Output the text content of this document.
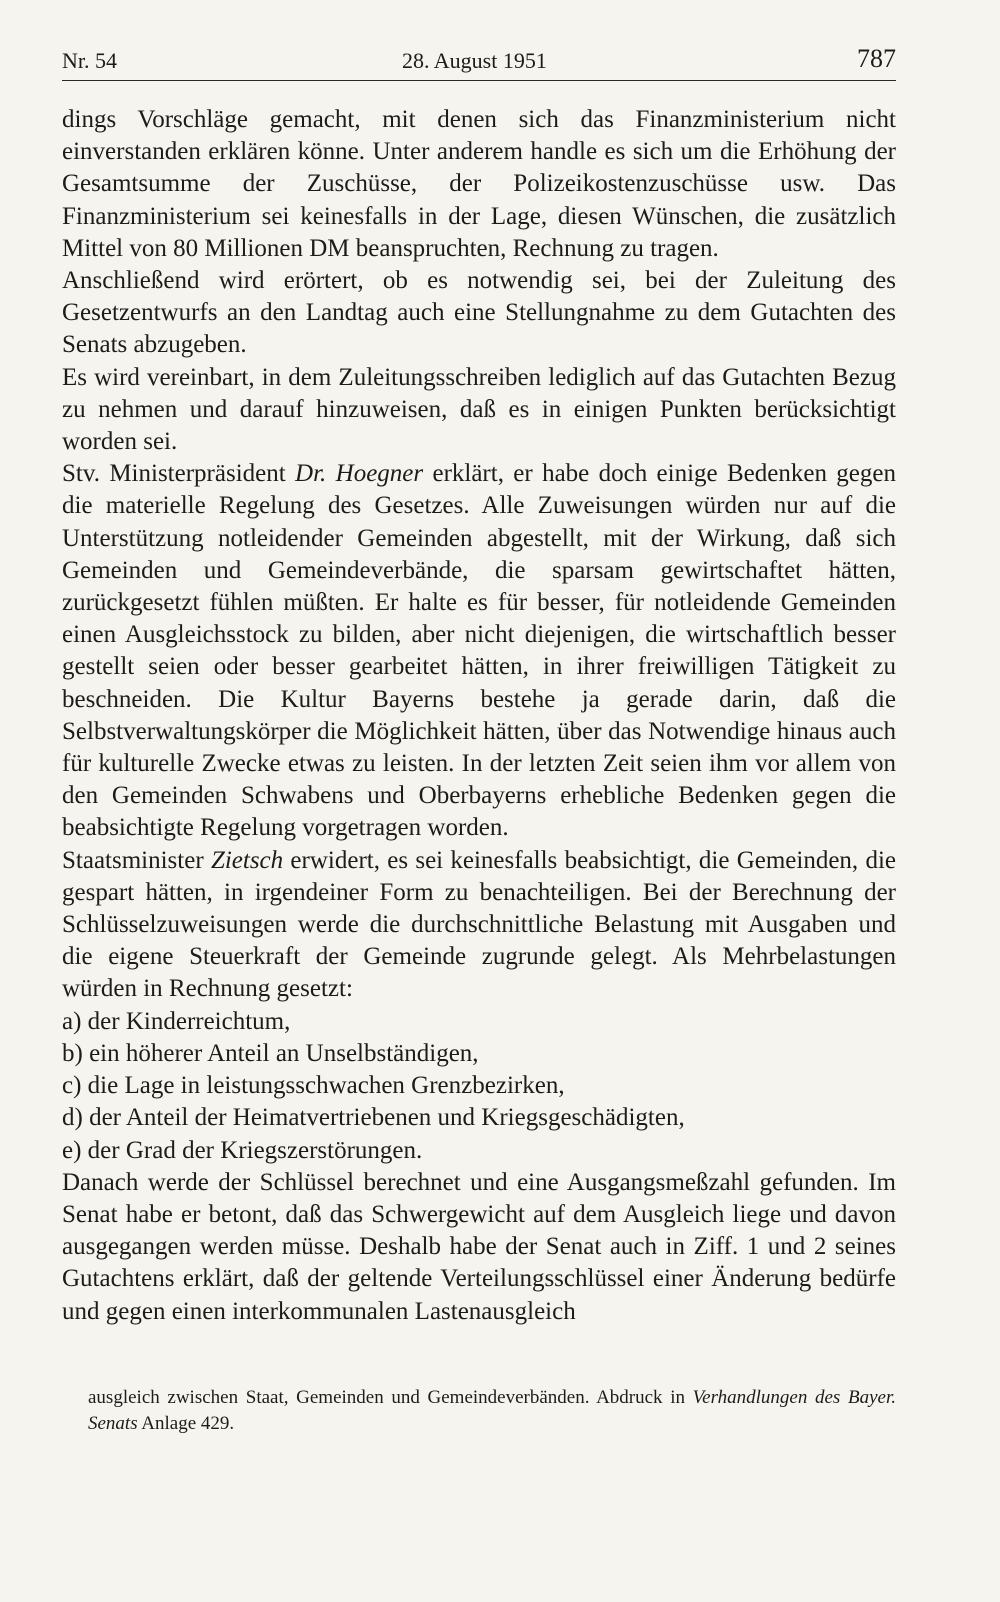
Nr. 54	28. August 1951	787

dings Vorschläge gemacht, mit denen sich das Finanzministerium nicht einverstanden erklären könne. Unter anderem handle es sich um die Erhöhung der Gesamtsumme der Zuschüsse, der Polizeikostenzuschüsse usw. Das Finanzministerium sei keinesfalls in der Lage, diesen Wünschen, die zusätzlich Mittel von 80 Millionen DM beanspruchten, Rechnung zu tragen.

Anschließend wird erörtert, ob es notwendig sei, bei der Zuleitung des Gesetzentwurfs an den Landtag auch eine Stellungnahme zu dem Gutachten des Senats abzugeben.

Es wird vereinbart, in dem Zuleitungsschreiben lediglich auf das Gutachten Bezug zu nehmen und darauf hinzuweisen, daß es in einigen Punkten berücksichtigt worden sei.

Stv. Ministerpräsident Dr. Hoegner erklärt, er habe doch einige Bedenken gegen die materielle Regelung des Gesetzes. Alle Zuweisungen würden nur auf die Unterstützung notleidender Gemeinden abgestellt, mit der Wirkung, daß sich Gemeinden und Gemeindeverbände, die sparsam gewirtschaftet hätten, zurückgesetzt fühlen müßten. Er halte es für besser, für notleidende Gemeinden einen Ausgleichsstock zu bilden, aber nicht diejenigen, die wirtschaftlich besser gestellt seien oder besser gearbeitet hätten, in ihrer freiwilligen Tätigkeit zu beschneiden. Die Kultur Bayerns bestehe ja gerade darin, daß die Selbstverwaltungskörper die Möglichkeit hätten, über das Notwendige hinaus auch für kulturelle Zwecke etwas zu leisten. In der letzten Zeit seien ihm vor allem von den Gemeinden Schwabens und Oberbayerns erhebliche Bedenken gegen die beabsichtigte Regelung vorgetragen worden.

Staatsminister Zietsch erwidert, es sei keinesfalls beabsichtigt, die Gemeinden, die gespart hätten, in irgendeiner Form zu benachteiligen. Bei der Berechnung der Schlüsselzuweisungen werde die durchschnittliche Belastung mit Ausgaben und die eigene Steuerkraft der Gemeinde zugrunde gelegt. Als Mehrbelastungen würden in Rechnung gesetzt:

a) der Kinderreichtum,
b) ein höherer Anteil an Unselbständigen,
c) die Lage in leistungsschwachen Grenzbezirken,
d) der Anteil der Heimatvertriebenen und Kriegsgeschädigten,
e) der Grad der Kriegszerstörungen.

Danach werde der Schlüssel berechnet und eine Ausgangsmeßzahl gefunden. Im Senat habe er betont, daß das Schwergewicht auf dem Ausgleich liege und davon ausgegangen werden müsse. Deshalb habe der Senat auch in Ziff. 1 und 2 seines Gutachtens erklärt, daß der geltende Verteilungsschlüssel einer Änderung bedürfe und gegen einen interkommunalen Lastenausgleich

ausgleich zwischen Staat, Gemeinden und Gemeindeverbänden. Abdruck in Verhandlungen des Bayer. Senats Anlage 429.
